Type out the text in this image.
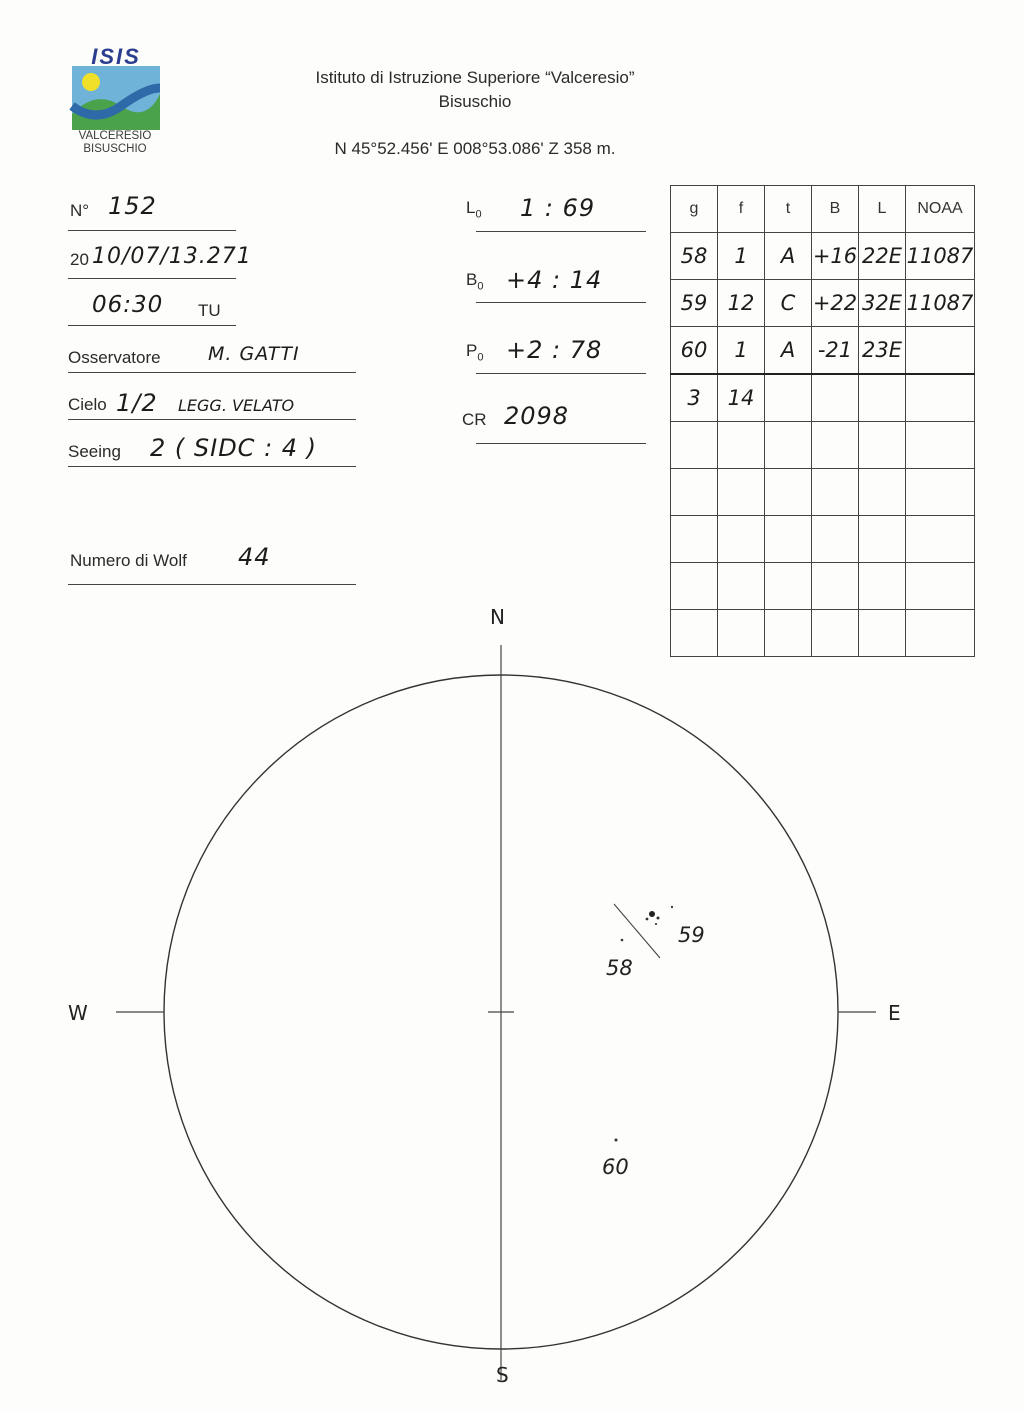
ISIS
VALCERESIO
BISUSCHIO
Istituto di Istruzione Superiore “Valceresio”
Bisuschio
N 45°52.456' E 008°53.086' Z 358 m.
N° 152
20 10/07/13.271
06:30 TU
Osservatore M. GATTI
Cielo 1/2 LEGG. VELATO
Seeing 2 ( SIDC : 4 )
Numero di Wolf 44
$L_0$ 1 : 69
$B_0 +4$ : 14
$P_0 +2$ : 78
CR 2098
g	f	t	B	L	NOAA
58	1	A	+16	22E	11087
59	12	C	+22	32E	11087
60	1	A	-21	23E	
3	14				

N
S
E
W
58
59
60
